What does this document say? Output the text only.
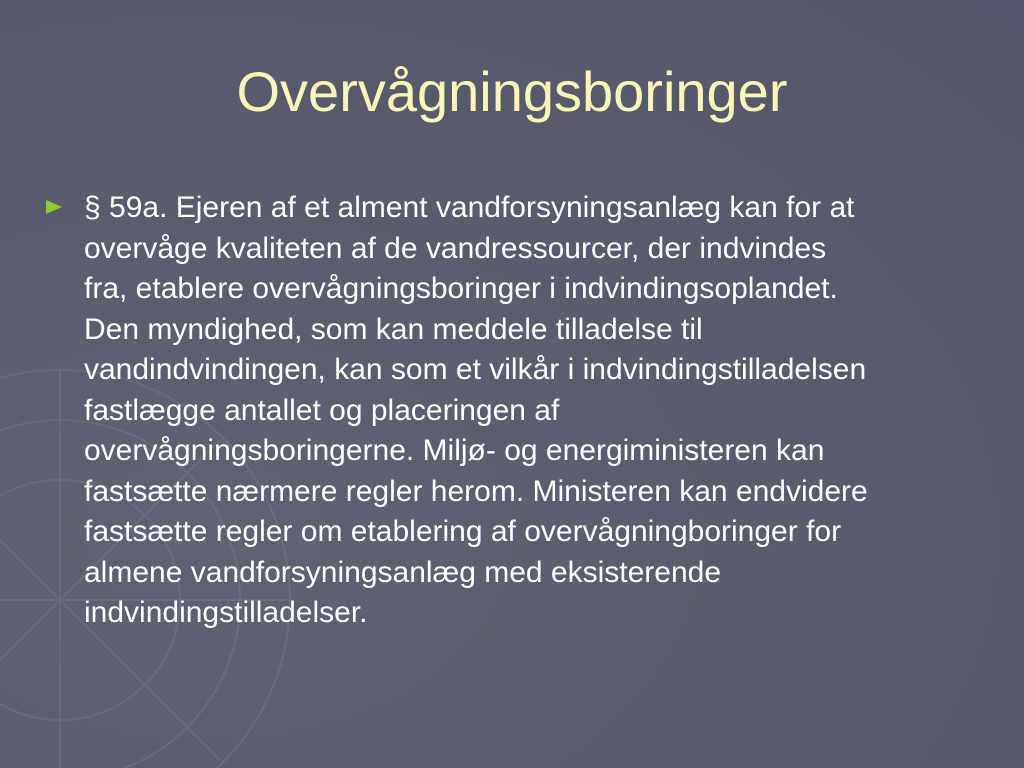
Overvågningsboringer
§ 59a. Ejeren af et alment vandforsyningsanlæg kan for at
overvåge kvaliteten af de vandressourcer, der indvindes
fra, etablere overvågningsboringer i indvindingsoplandet.
Den myndighed, som kan meddele tilladelse til
vandindvindingen, kan som et vilkår i indvindingstilladelsen
fastlægge antallet og placeringen af
overvågningsboringerne. Miljø- og energiministeren kan
fastsætte nærmere regler herom. Ministeren kan endvidere
fastsætte regler om etablering af overvågningboringer for
almene vandforsyningsanlæg med eksisterende
indvindingstilladelser.
